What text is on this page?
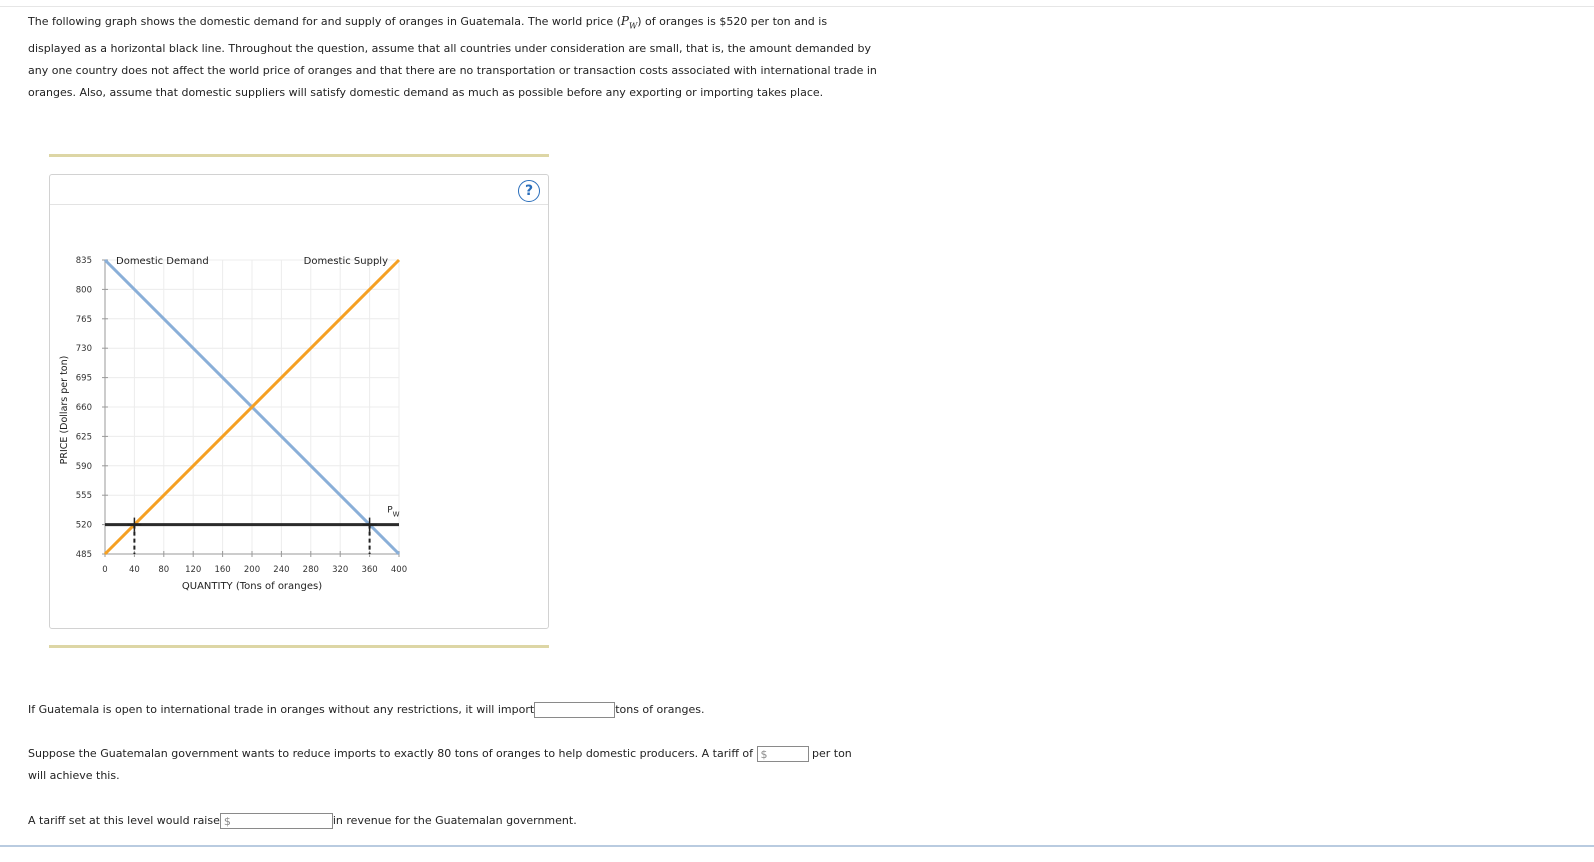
The following graph shows the domestic demand for and supply of oranges in Guatemala. The world price $(P_W)$ of oranges is $520 per ton and is displayed as a horizontal black line. Throughout the question, assume that all countries under consideration are small, that is, the amount demanded by any one country does not affect the world price of oranges and that there are no transportation or transaction costs associated with international trade in oranges. Also, assume that domestic suppliers will satisfy domestic demand as much as possible before any exporting or importing takes place.

?
0	40 80 120 160 200 240 280 320 360 400
835
800
765
730
695
660
625
590
555
520
485
Domestic Demand	Domestic Supply
$P_W$
QUANTITY (Tons of oranges)
PRICE (Dollars per ton)

If Guatemala is open to international trade in oranges without any restrictions, it will import	tons of oranges.

Suppose the Guatemalan government wants to reduce imports to exactly 80 tons of oranges to help domestic producers. A tariff of $	per ton
will achieve this.

A tariff set at this level would raise$	in revenue for the Guatemalan government.
